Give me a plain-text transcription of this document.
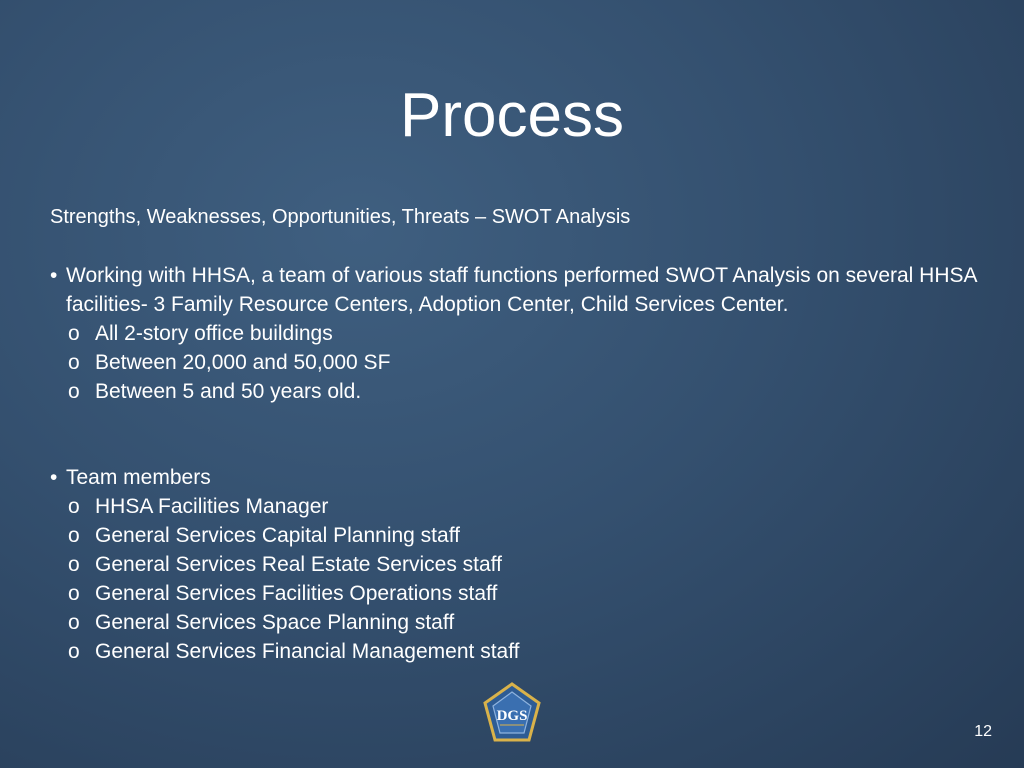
Process

Strengths, Weaknesses, Opportunities, Threats – SWOT Analysis

• Working with HHSA, a team of various staff functions performed SWOT Analysis on several HHSA facilities- 3 Family Resource Centers, Adoption Center, Child Services Center.
o All 2-story office buildings
o Between 20,000 and 50,000 SF
o Between 5 and 50 years old.
• Team members
o HHSA Facilities Manager
o General Services Capital Planning staff
o General Services Real Estate Services staff
o General Services Facilities Operations staff
o General Services Space Planning staff
o General Services Financial Management staff
DGS
12
